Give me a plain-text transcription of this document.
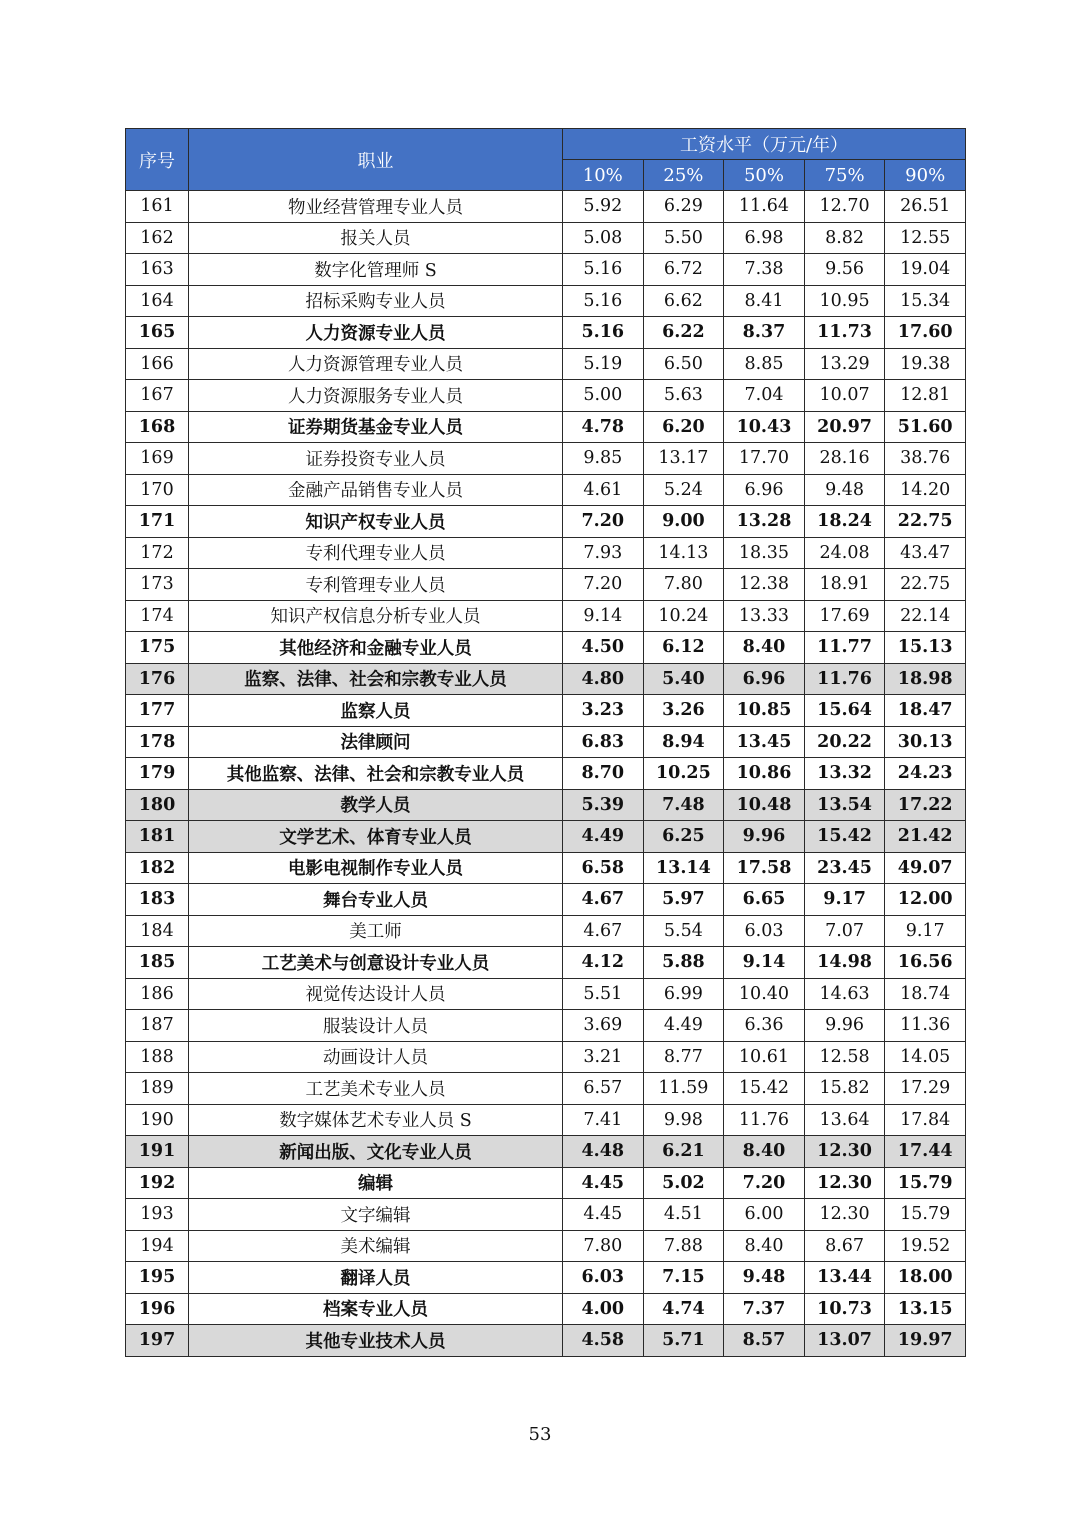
序号	职业	工资水平（万元/年）				
		10%	25%	50%	75%	90%
161	物业经营管理专业人员	5.92	6.29	11.64	12.70	26.51
162	报关人员	5.08	5.50	6.98	8.82	12.55
163	数字化管理师 S	5.16	6.72	7.38	9.56	19.04
164	招标采购专业人员	5.16	6.62	8.41	10.95	15.34
165	人力资源专业人员	5.16	6.22	8.37	11.73	17.60
166	人力资源管理专业人员	5.19	6.50	8.85	13.29	19.38
167	人力资源服务专业人员	5.00	5.63	7.04	10.07	12.81
168	证券期货基金专业人员	4.78	6.20	10.43	20.97	51.60
169	证券投资专业人员	9.85	13.17	17.70	28.16	38.76
170	金融产品销售专业人员	4.61	5.24	6.96	9.48	14.20
171	知识产权专业人员	7.20	9.00	13.28	18.24	22.75
172	专利代理专业人员	7.93	14.13	18.35	24.08	43.47
173	专利管理专业人员	7.20	7.80	12.38	18.91	22.75
174	知识产权信息分析专业人员	9.14	10.24	13.33	17.69	22.14
175	其他经济和金融专业人员	4.50	6.12	8.40	11.77	15.13
176	监察、法律、社会和宗教专业人员	4.80	5.40	6.96	11.76	18.98
177	监察人员	3.23	3.26	10.85	15.64	18.47
178	法律顾问	6.83	8.94	13.45	20.22	30.13
179	其他监察、法律、社会和宗教专业人员	8.70	10.25	10.86	13.32	24.23
180	教学人员	5.39	7.48	10.48	13.54	17.22
181	文学艺术、体育专业人员	4.49	6.25	9.96	15.42	21.42
182	电影电视制作专业人员	6.58	13.14	17.58	23.45	49.07
183	舞台专业人员	4.67	5.97	6.65	9.17	12.00
184	美工师	4.67	5.54	6.03	7.07	9.17
185	工艺美术与创意设计专业人员	4.12	5.88	9.14	14.98	16.56
186	视觉传达设计人员	5.51	6.99	10.40	14.63	18.74
187	服装设计人员	3.69	4.49	6.36	9.96	11.36
188	动画设计人员	3.21	8.77	10.61	12.58	14.05
189	工艺美术专业人员	6.57	11.59	15.42	15.82	17.29
190	数字媒体艺术专业人员 S	7.41	9.98	11.76	13.64	17.84
191	新闻出版、文化专业人员	4.48	6.21	8.40	12.30	17.44
192	编辑	4.45	5.02	7.20	12.30	15.79
193	文字编辑	4.45	4.51	6.00	12.30	15.79
194	美术编辑	7.80	7.88	8.40	8.67	19.52
195	翻译人员	6.03	7.15	9.48	13.44	18.00
196	档案专业人员	4.00	4.74	7.37	10.73	13.15
197	其他专业技术人员	4.58	5.71	8.57	13.07	19.97
53
